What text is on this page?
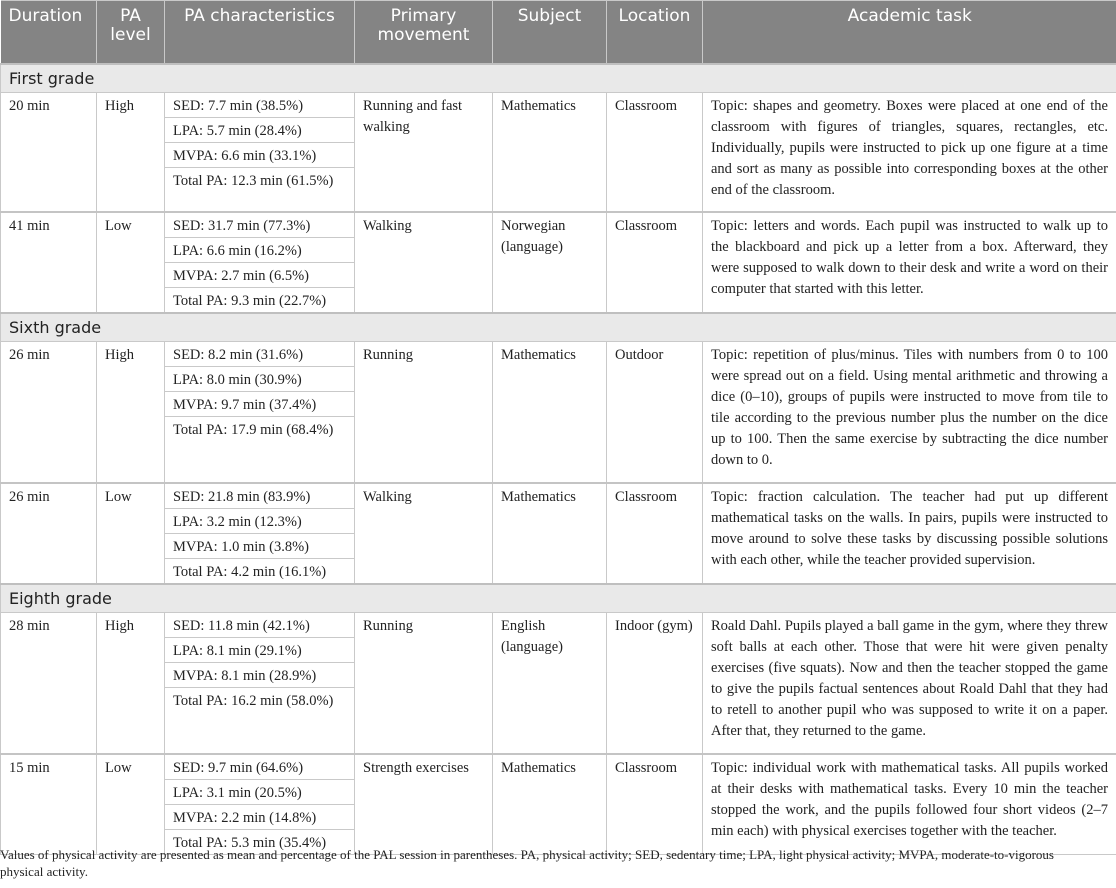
Duration	PA level	PA characteristics	Primary movement	Subject	Location	Academic task
First grade						
20 min	High	SED: 7.7 min (38.5%)	Running and fast walking	Mathematics	Classroom	Topic: shapes and geometry. Boxes were placed at one end of the classroom with figures of triangles, squares, rectangles, etc. Individually, pupils were instructed to pick up one figure at a time and sort as many as possible into corresponding boxes at the other end of the classroom.
		LPA: 5.7 min (28.4%)				
		MVPA: 6.6 min (33.1%)				
		Total PA: 12.3 min (61.5%)				
41 min	Low	SED: 31.7 min (77.3%)	Walking	Norwegian (language)	Classroom	Topic: letters and words. Each pupil was instructed to walk up to the blackboard and pick up a letter from a box. Afterward, they were supposed to walk down to their desk and write a word on their computer that started with this letter.
		LPA: 6.6 min (16.2%)				
		MVPA: 2.7 min (6.5%)				
		Total PA: 9.3 min (22.7%)				
Sixth grade						
26 min	High	SED: 8.2 min (31.6%)	Running	Mathematics	Outdoor	Topic: repetition of plus/minus. Tiles with numbers from 0 to 100 were spread out on a field. Using mental arithmetic and throwing a dice (0–10), groups of pupils were instructed to move from tile to tile according to the previous number plus the number on the dice up to 100. Then the same exercise by subtracting the dice number down to 0.
		LPA: 8.0 min (30.9%)				
		MVPA: 9.7 min (37.4%)				
		Total PA: 17.9 min (68.4%)				
26 min	Low	SED: 21.8 min (83.9%)	Walking	Mathematics	Classroom	Topic: fraction calculation. The teacher had put up different mathematical tasks on the walls. In pairs, pupils were instructed to move around to solve these tasks by discussing possible solutions with each other, while the teacher provided supervision.
		LPA: 3.2 min (12.3%)				
		MVPA: 1.0 min (3.8%)				
		Total PA: 4.2 min (16.1%)				
Eighth grade						
28 min	High	SED: 11.8 min (42.1%)	Running	English (language)	Indoor (gym)	Roald Dahl. Pupils played a ball game in the gym, where they threw soft balls at each other. Those that were hit were given penalty exercises (five squats). Now and then the teacher stopped the game to give the pupils factual sentences about Roald Dahl that they had to retell to another pupil who was supposed to write it on a paper. After that, they returned to the game.
		LPA: 8.1 min (29.1%)				
		MVPA: 8.1 min (28.9%)				
		Total PA: 16.2 min (58.0%)				
15 min	Low	SED: 9.7 min (64.6%)	Strength exercises	Mathematics	Classroom	Topic: individual work with mathematical tasks. All pupils worked at their desks with mathematical tasks. Every 10 min the teacher stopped the work, and the pupils followed four short videos (2–7 min each) with physical exercises together with the teacher.
		LPA: 3.1 min (20.5%)				
		MVPA: 2.2 min (14.8%)				
		Total PA: 5.3 min (35.4%)				
Values of physical activity are presented as mean and percentage of the PAL session in parentheses. PA, physical activity; SED, sedentary time; LPA, light physical activity; MVPA, moderate-to-vigorous physical activity.
